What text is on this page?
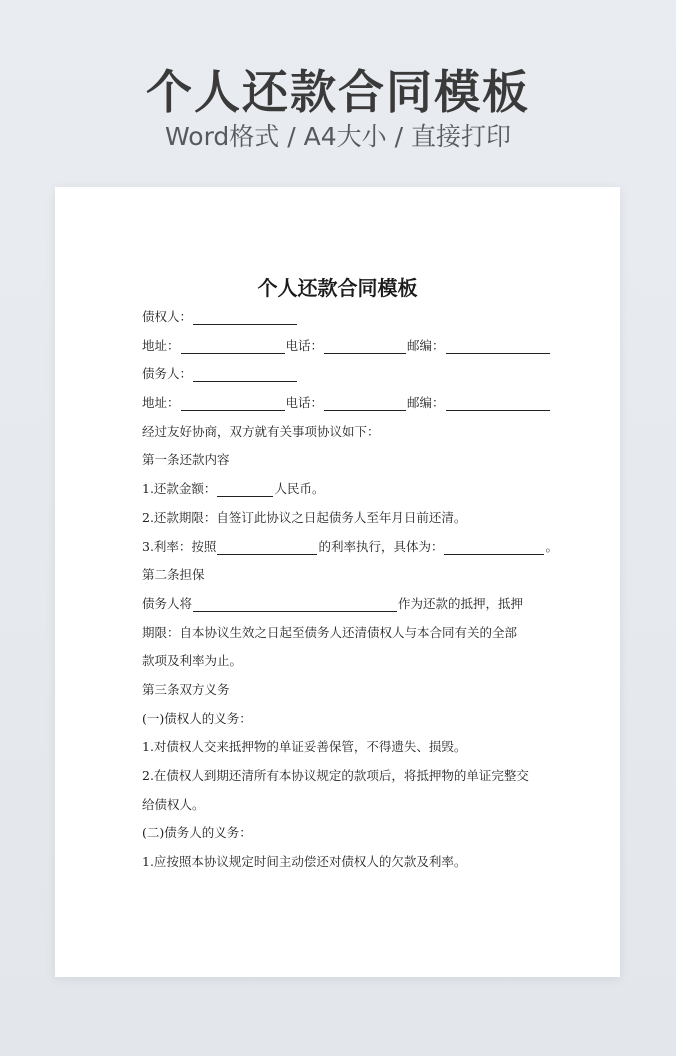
个人还款合同模板
Word格式 / A4大小 / 直接打印
个人还款合同模板
债权人：
地址：	电话：	邮编：
债务人：
地址：	电话：	邮编：
经过友好协商，双方就有关事项协议如下：
第一条还款内容
1.还款金额：	人民币。
2.还款期限：自签订此协议之日起债务人至年月日前还清。
3.利率：按照	的利率执行，具体为：	。
第二条担保
债务人将	作为还款的抵押，抵押
期限：自本协议生效之日起至债务人还清债权人与本合同有关的全部
款项及利率为止。
第三条双方义务
(一)债权人的义务：
1.对债权人交来抵押物的单证妥善保管，不得遗失、损毁。
2.在债权人到期还清所有本协议规定的款项后，将抵押物的单证完整交
给债权人。
(二)债务人的义务：
1.应按照本协议规定时间主动偿还对债权人的欠款及利率。
